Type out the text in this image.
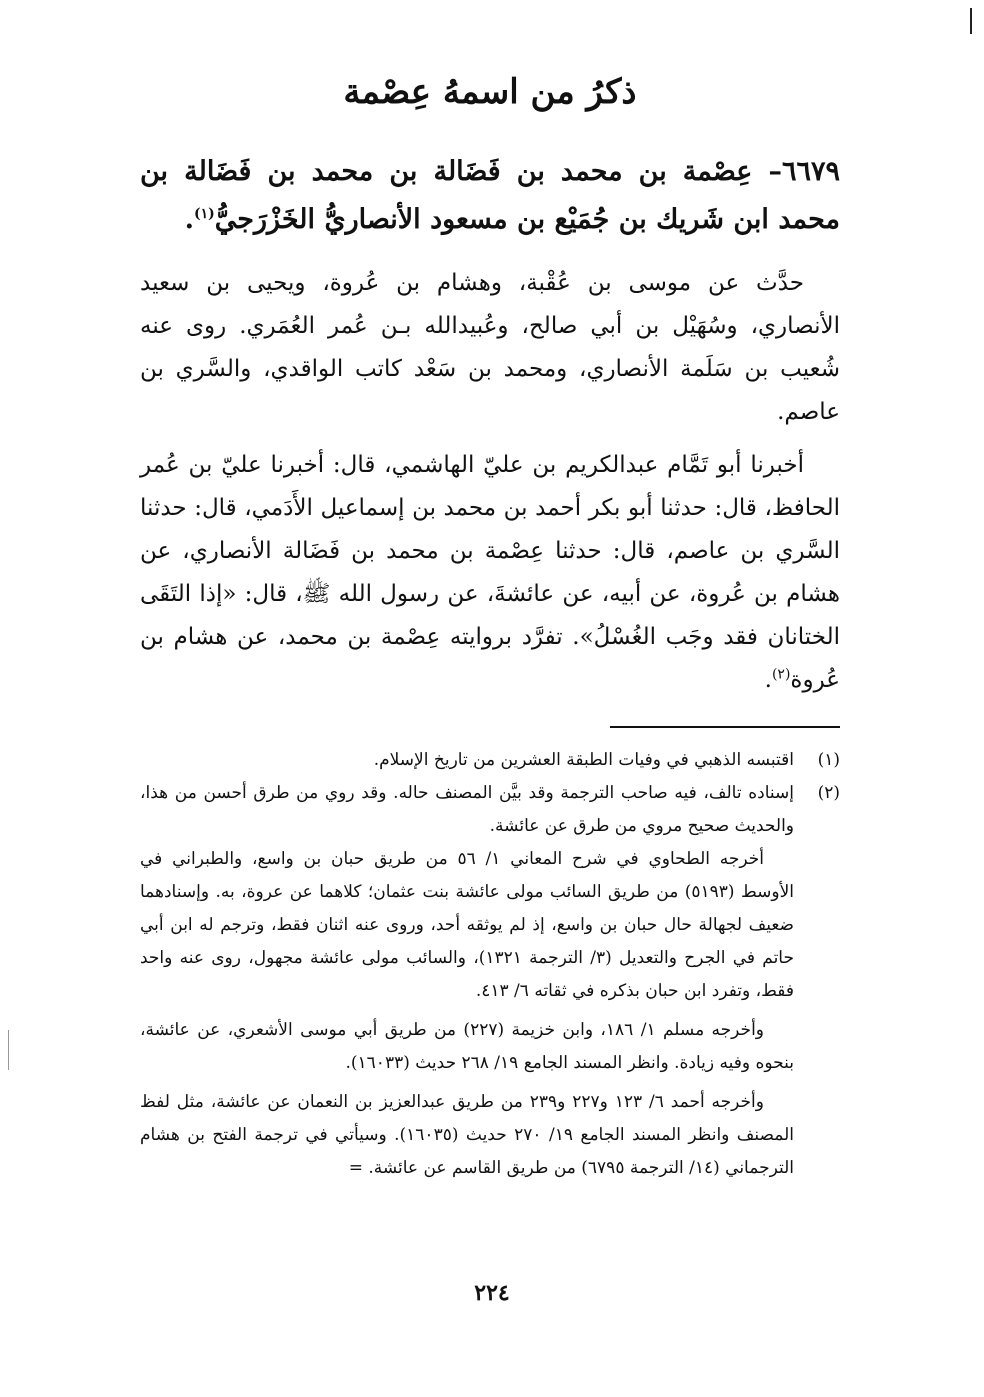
ذكرُ من اسمهُ عِصْمة
٦٦٧٩– عِصْمة بن محمد بن فَضَالة بن محمد بن فَضَالة بن محمد ابن شَريك بن جُمَيْع بن مسعود الأنصاريُّ الخَزْرَجيُّ$^{(١)}$.

حدَّث عن موسى بن عُقْبة، وهشام بن عُروة، ويحيى بن سعيد الأنصاري، وسُهَيْل بن أبي صالح، وعُبيدالله بـن عُمر العُمَري. روى عنه شُعيب بن سَلَمة الأنصاري، ومحمد بن سَعْد كاتب الواقدي، والسَّري بن عاصم.

أخبرنا أبو تَمَّام عبدالكريم بن عليّ الهاشمي، قال: أخبرنا عليّ بن عُمر الحافظ، قال: حدثنا أبو بكر أحمد بن محمد بن إسماعيل الأَدَمي، قال: حدثنا السَّري بن عاصم، قال: حدثنا عِصْمة بن محمد بن فَضَالة الأنصاري، عن هشام بن عُروة، عن أبيه، عن عائشةَ، عن رسول الله ﷺ، قال: «إذا التَقَى الختانان فقد وجَب الغُسْلُ». تفرَّد بروايته عِصْمة بن محمد، عن هشام بن عُروة$^{(٢)}$.

(١)
اقتبسه الذهبي في وفيات الطبقة العشرين من تاريخ الإسلام.
(٢)
إسناده تالف، فيه صاحب الترجمة وقد بيَّن المصنف حاله. وقد روي من طرق أحسن من هذا، والحديث صحيح مروي من طرق عن عائشة.

أخرجه الطحاوي في شرح المعاني ١/ ٥٦ من طريق حبان بن واسع، والطبراني في الأوسط (٥١٩٣) من طريق السائب مولى عائشة بنت عثمان؛ كلاهما عن عروة، به. وإسنادهما ضعيف لجهالة حال حبان بن واسع، إذ لم يوثقه أحد، وروى عنه اثنان فقط، وترجم له ابن أبي حاتم في الجرح والتعديل (٣/ الترجمة ١٣٢١)، والسائب مولى عائشة مجهول، روى عنه واحد فقط، وتفرد ابن حبان بذكره في ثقاته ٦/ ٤١٣.

وأخرجه مسلم ١/ ١٨٦، وابن خزيمة (٢٢٧) من طريق أبي موسى الأشعري، عن عائشة، بنحوه وفيه زيادة. وانظر المسند الجامع ١٩/ ٢٦٨ حديث (١٦٠٣٣).

وأخرجه أحمد ٦/ ١٢٣ و٢٢٧ و٢٣٩ من طريق عبدالعزيز بن النعمان عن عائشة، مثل لفظ المصنف وانظر المسند الجامع ١٩/ ٢٧٠ حديث (١٦٠٣٥). وسيأتي في ترجمة الفتح بن هشام الترجماني (١٤/ الترجمة ٦٧٩٥) من طريق القاسم عن عائشة. =

٢٢٤
